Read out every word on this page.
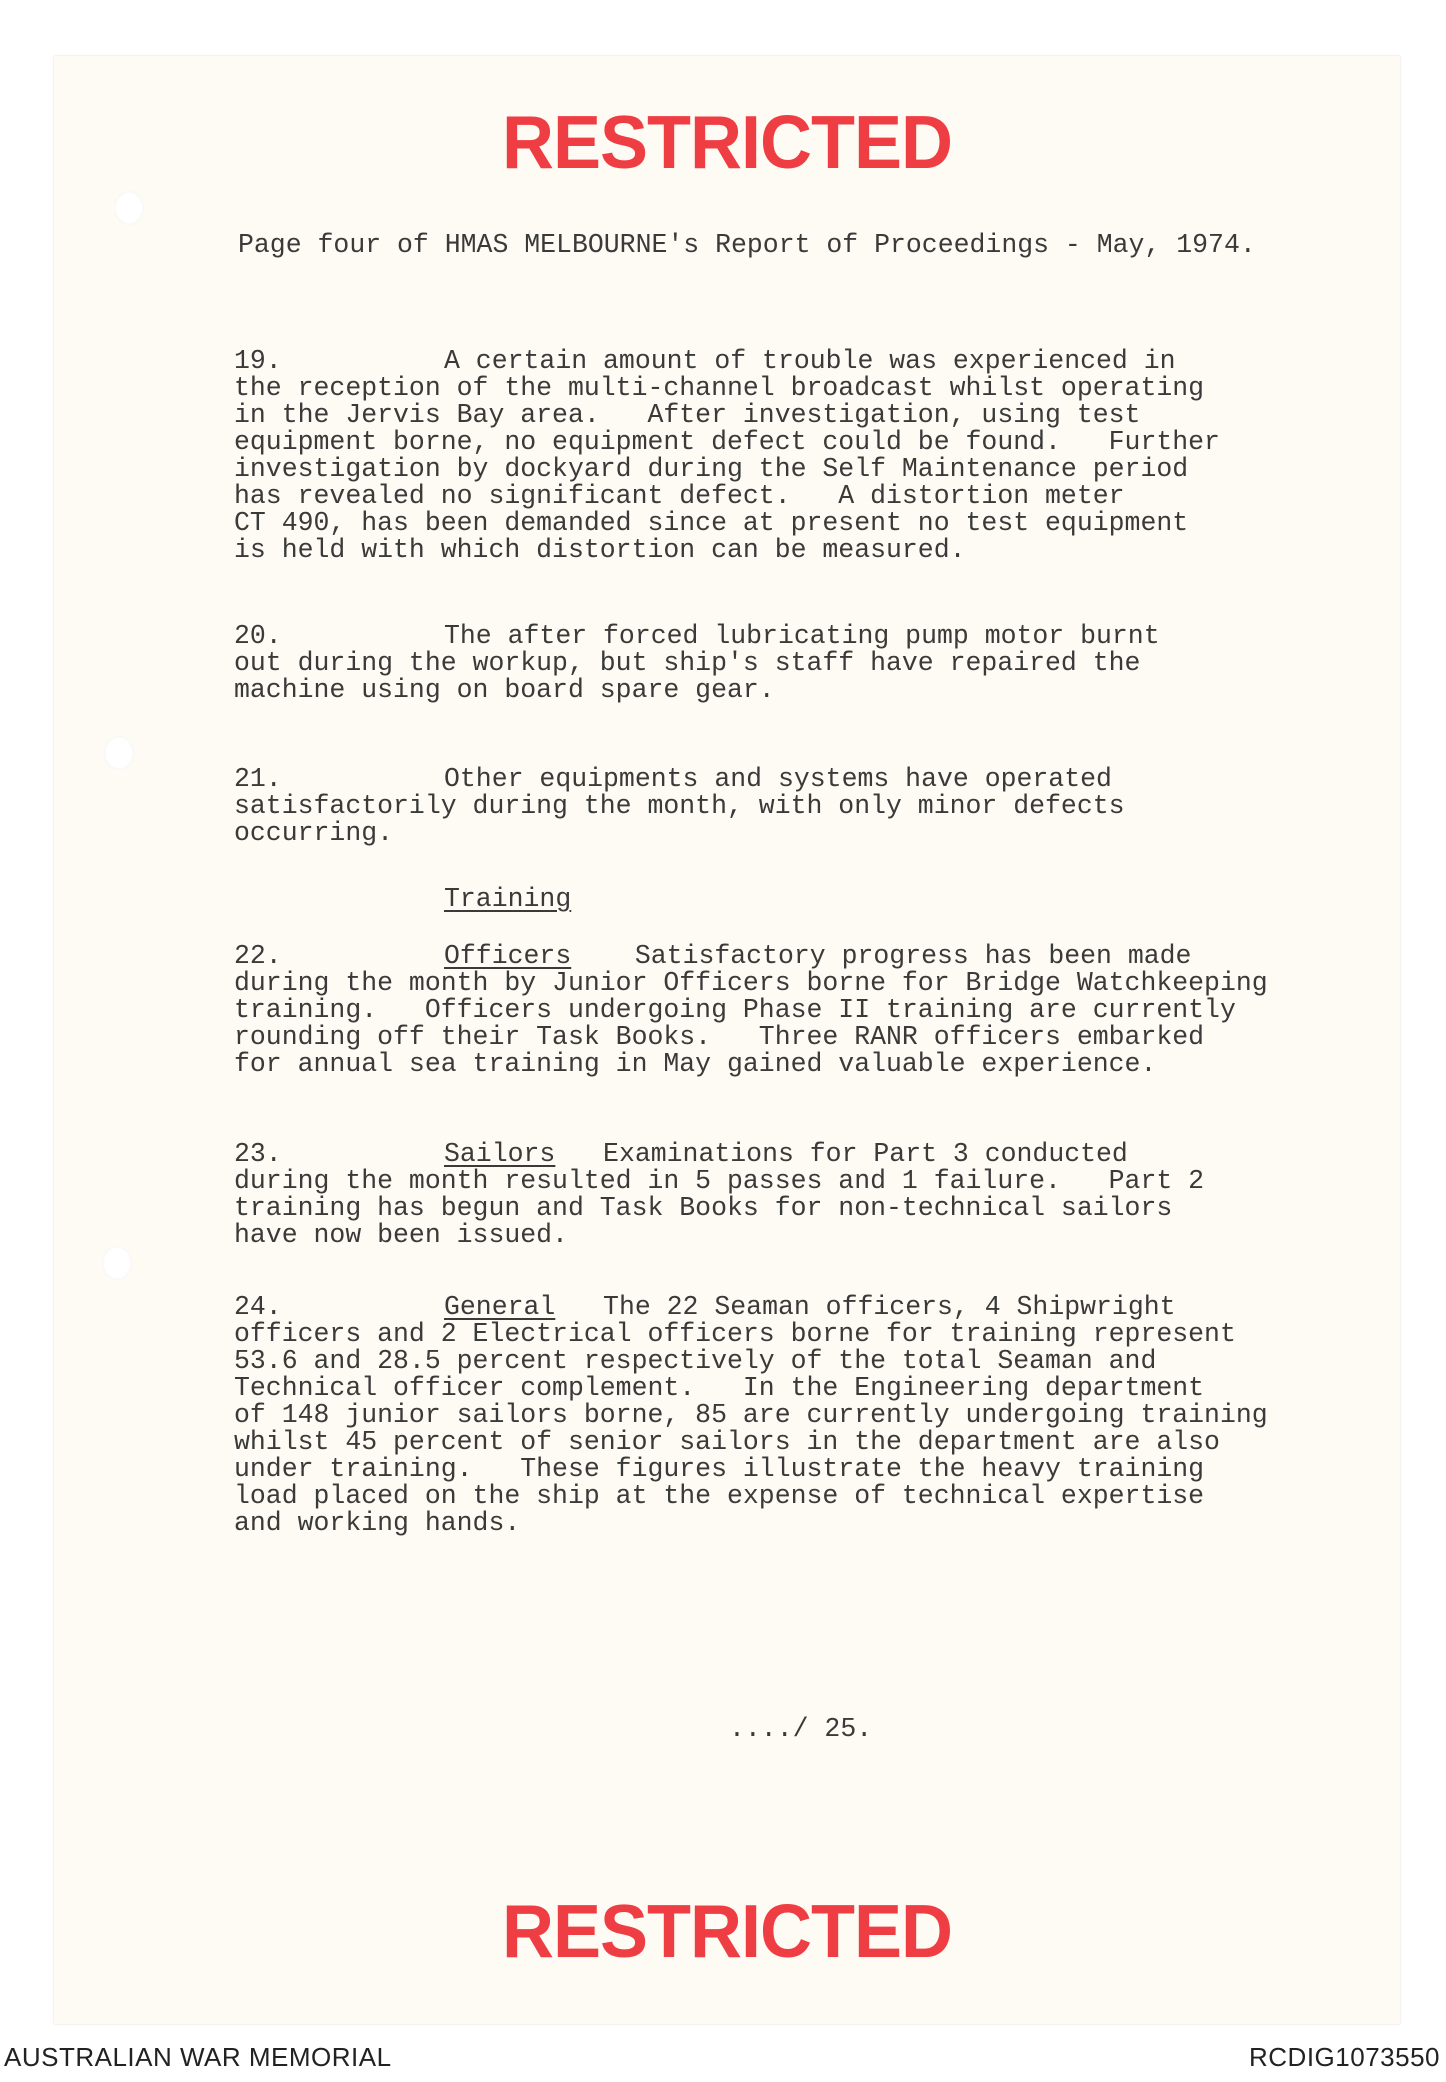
RESTRICTED
Page four of HMAS MELBOURNE's Report of Proceedings - May, 1974.
19.	A certain amount of trouble was experienced in
the reception of the multi-channel broadcast whilst operating
in the Jervis Bay area.   After investigation, using test
equipment borne, no equipment defect could be found.   Further
investigation by dockyard during the Self Maintenance period
has revealed no significant defect.   A distortion meter
CT 490, has been demanded since at present no test equipment
is held with which distortion can be measured.
20.	The after forced lubricating pump motor burnt
out during the workup, but ship's staff have repaired the
machine using on board spare gear.
21.	Other equipments and systems have operated
satisfactorily during the month, with only minor defects
occurring.
Training
22.	Officers Satisfactory progress has been made
during the month by Junior Officers borne for Bridge Watchkeeping
training.   Officers undergoing Phase II training are currently
rounding off their Task Books.   Three RANR officers embarked
for annual sea training in May gained valuable experience.
23.	Sailors Examinations for Part 3 conducted
during the month resulted in 5 passes and 1 failure.   Part 2
training has begun and Task Books for non-technical sailors
have now been issued.
24.	General The 22 Seaman officers, 4 Shipwright
officers and 2 Electrical officers borne for training represent
53.6 and 28.5 percent respectively of the total Seaman and
Technical officer complement.   In the Engineering department
of 148 junior sailors borne, 85 are currently undergoing training
whilst 45 percent of senior sailors in the department are also
under training.   These figures illustrate the heavy training
load placed on the ship at the expense of technical expertise
and working hands.
..../ 25.
RESTRICTED
AUSTRALIAN WAR MEMORIAL	RCDIG1073550
